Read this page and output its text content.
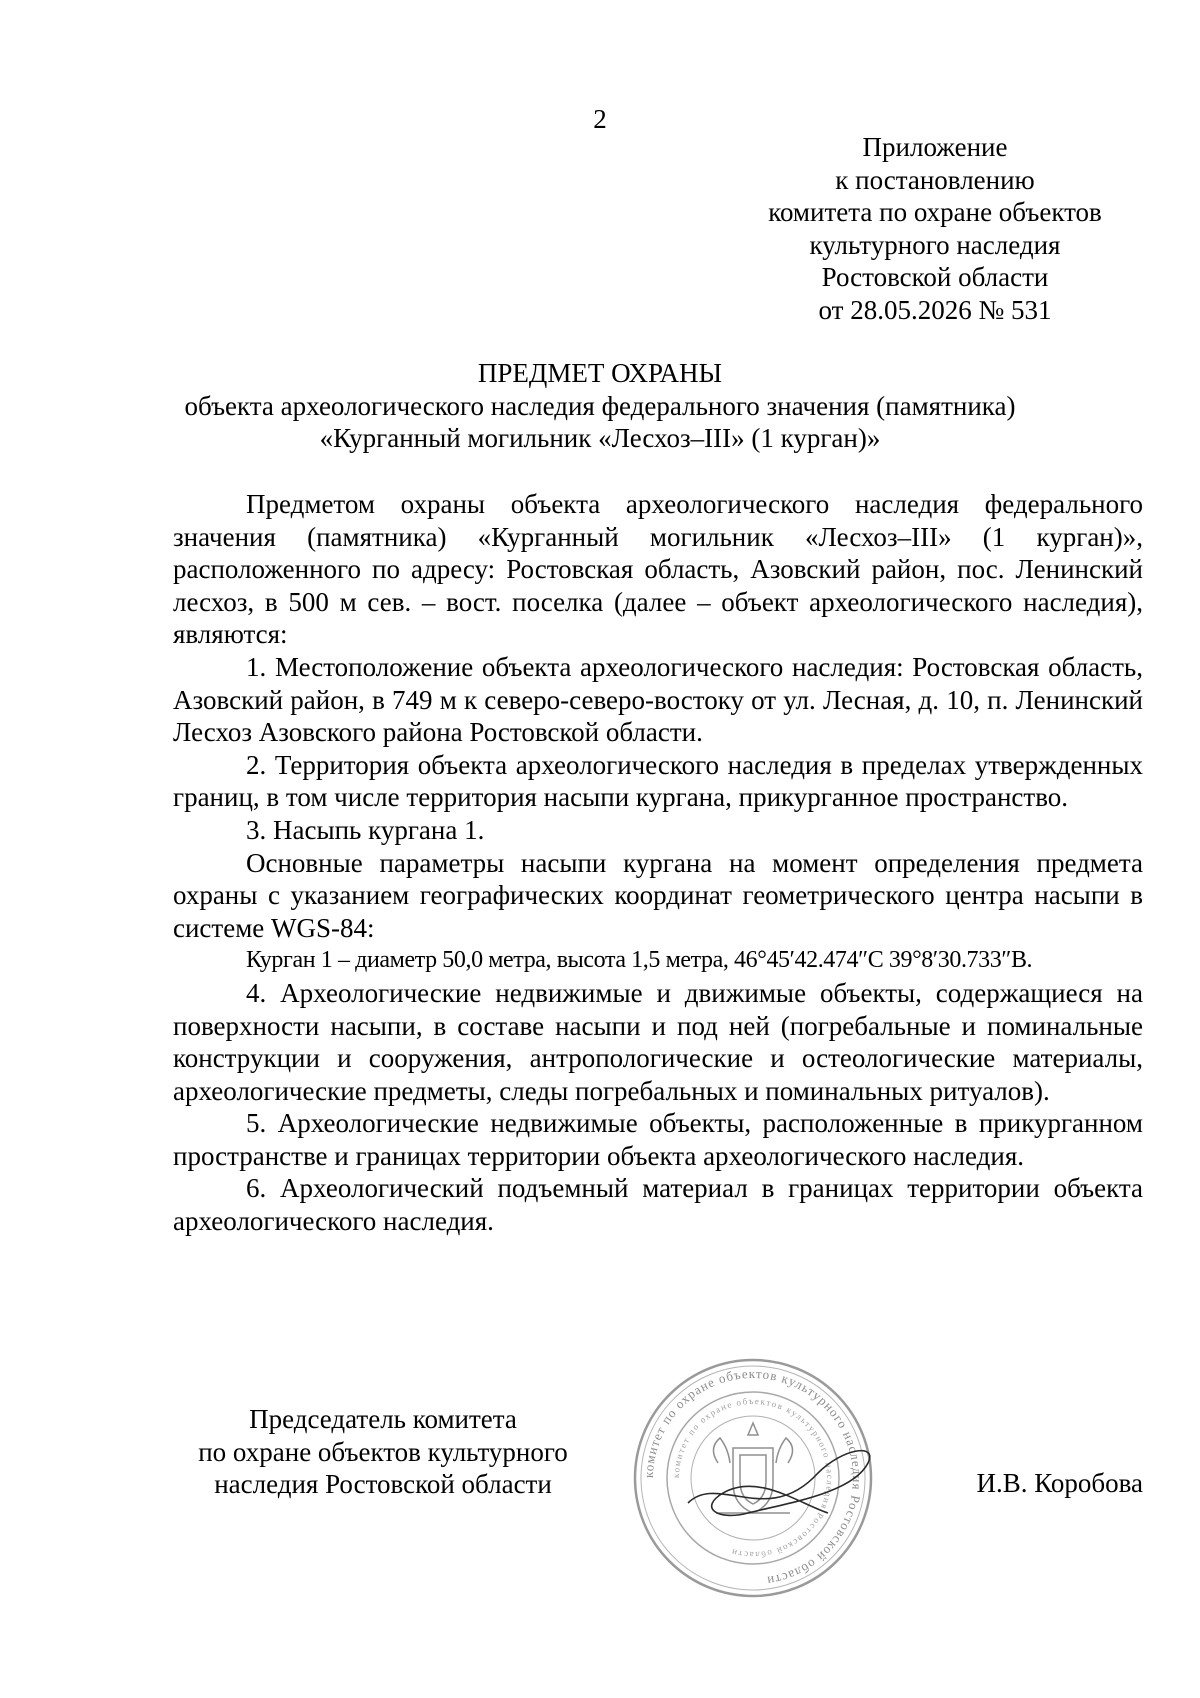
2
Приложение
к постановлению
комитета по охране объектов
культурного наследия
Ростовской области
от 28.05.2026 № 531
ПРЕДМЕТ ОХРАНЫ
объекта археологического наследия федерального значения (памятника)
«Курганный могильник «Лесхоз–III» (1 курган)»

Предметом охраны объекта археологического наследия федерального значения (памятника) «Курганный могильник «Лесхоз–III» (1 курган)», расположенного по адресу: Ростовская область, Азовский район, пос. Ленинский лесхоз, в 500 м сев. – вост. поселка (далее – объект археологического наследия), являются:

1. Местоположение объекта археологического наследия: Ростовская область, Азовский район, в 749 м к северо-северо-востоку от ул. Лесная, д. 10, п. Ленинский Лесхоз Азовского района Ростовской области.

2. Территория объекта археологического наследия в пределах утвержденных границ, в том числе территория насыпи кургана, прикурганное пространство.

3. Насыпь кургана 1.

Основные параметры насыпи кургана на момент определения предмета охраны с указанием географических координат геометрического центра насыпи в системе WGS-84:

Курган 1 – диаметр 50,0 метра, высота 1,5 метра, 46°45′42.474″С 39°8′30.733″В.

4. Археологические недвижимые и движимые объекты, содержащиеся на поверхности насыпи, в составе насыпи и под ней (погребальные и поминальные конструкции и сооружения, антропологические и остеологические материалы, археологические предметы, следы погребальных и поминальных ритуалов).

5. Археологические недвижимые объекты, расположенные в прикурганном пространстве и границах территории объекта археологического наследия.

6. Археологический подъемный материал в границах территории объекта археологического наследия.

Председатель комитета
по охране объектов культурного
наследия Ростовской области	комитет по охране объектов культурного наследия Ростовской области
комитет по охране объектов культурного наследия Ростовской области
И.В. Коробова
